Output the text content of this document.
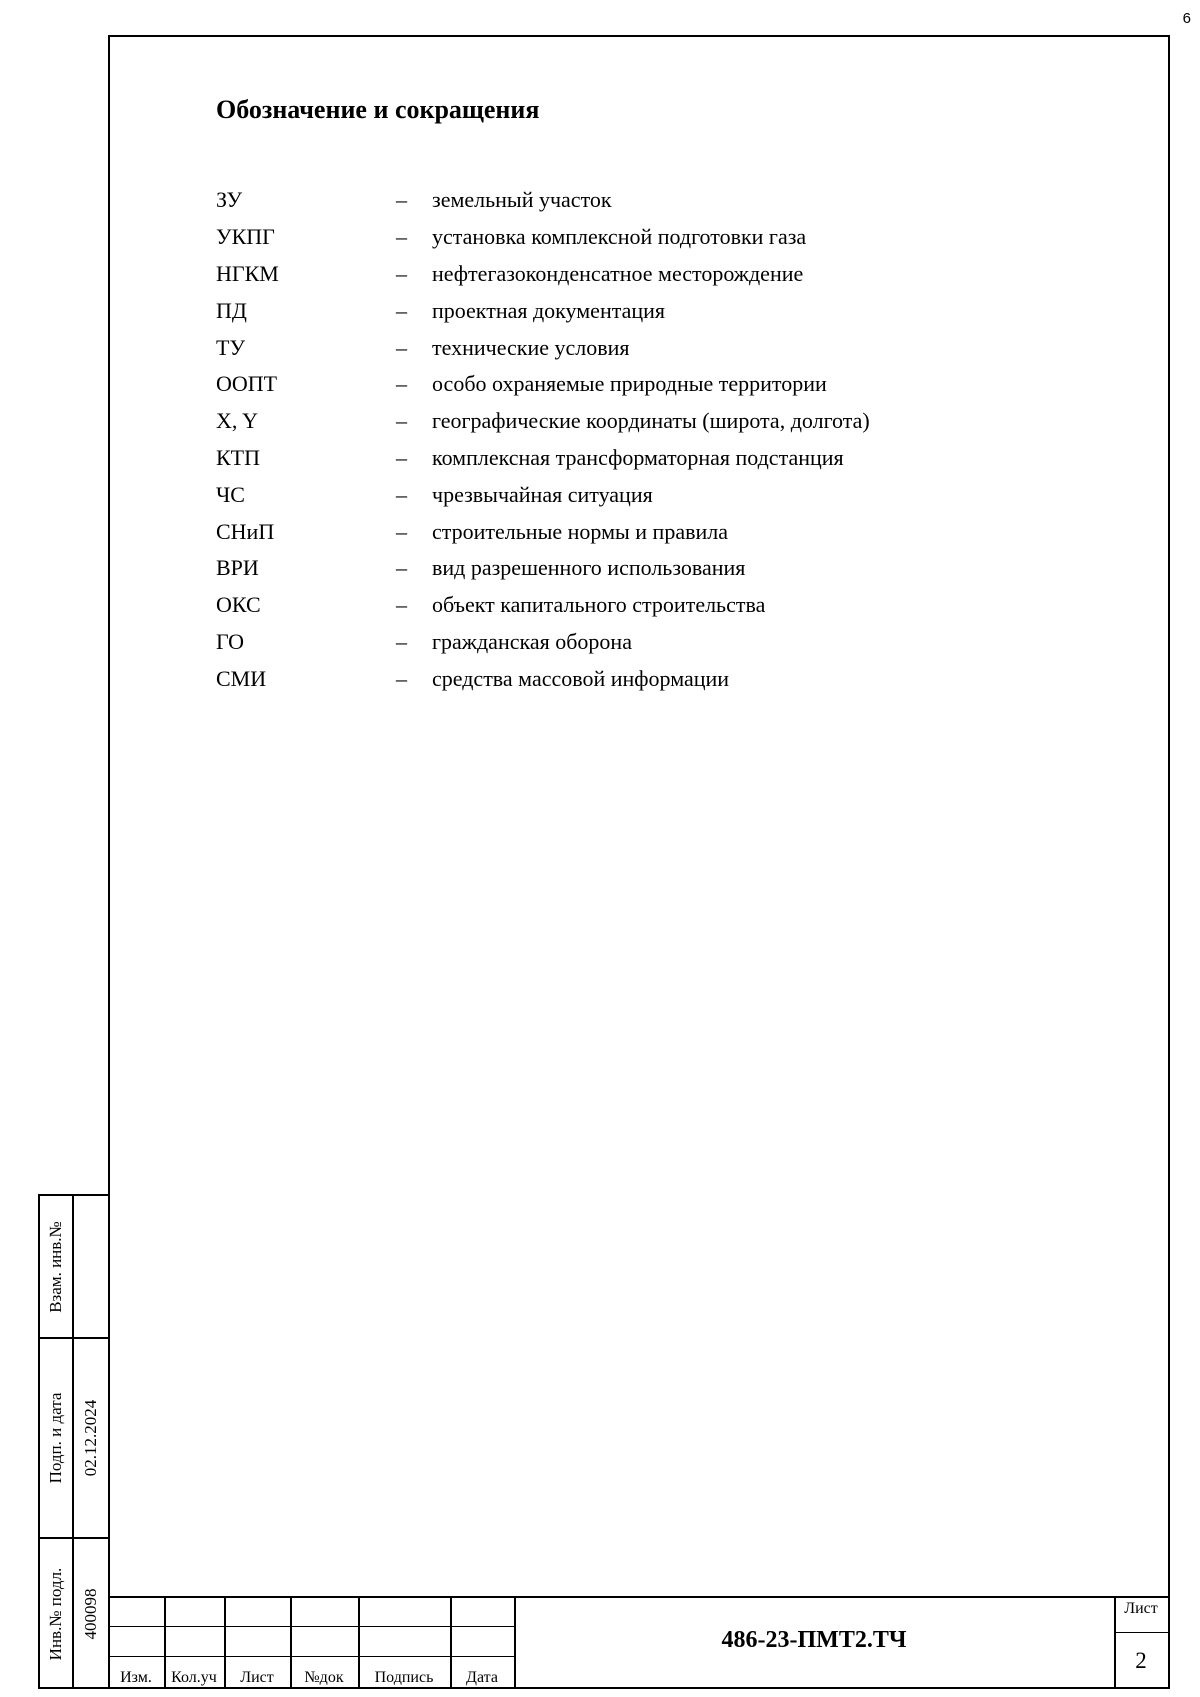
6
Обозначение и сокращения
ЗУ	–	земельный участок
УКПГ	–	установка комплексной подготовки газа
НГКМ	–	нефтегазоконденсатное месторождение
ПД	–	проектная документация
ТУ	–	технические условия
ООПТ	–	особо охраняемые природные территории
X, Y	–	географические координаты (широта, долгота)
КТП	–	комплексная трансформаторная подстанция
ЧС	–	чрезвычайная ситуация
СНиП	–	строительные нормы и правила
ВРИ	–	вид разрешенного использования
ОКС	–	объект капитального строительства
ГО	–	гражданская оборона
СМИ	–	средства массовой информации
Взам. инв.№
Подп. и дата 02.12.2024
Инв.№ подл. 400098
Изм.	Кол.уч	Лист	№док	Подпись	Дата
486-23-ПМТ2.ТЧ
Лист
2
